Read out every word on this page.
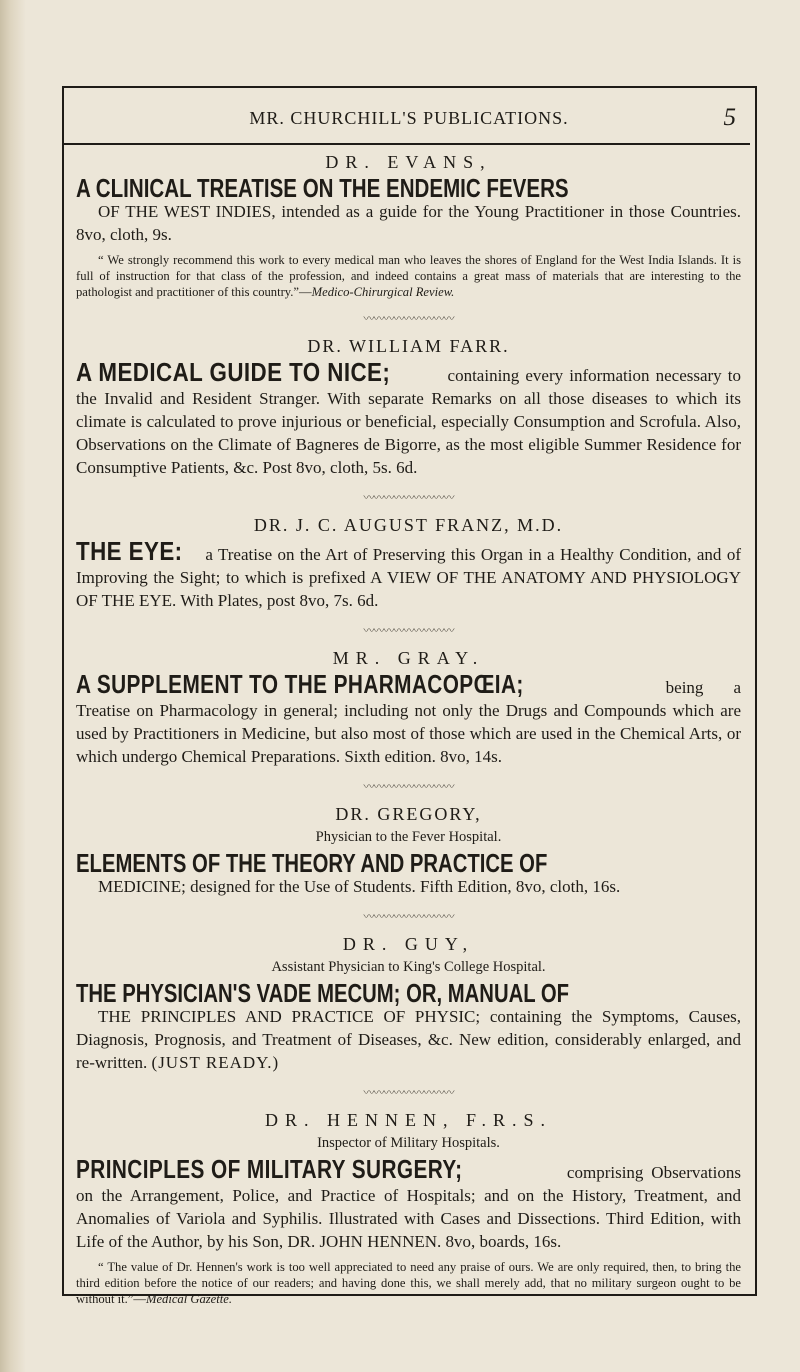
MR. CHURCHILL'S PUBLICATIONS.	5
DR. EVANS,

A CLINICAL TREATISE ON THE ENDEMIC FEVERS
OF THE WEST INDIES, intended as a guide for the Young Practitioner in those Countries. 8vo, cloth, 9s.

“ We strongly recommend this work to every medical man who leaves the shores of England for the West India Islands. It is full of instruction for that class of the profession, and indeed contains a great mass of materials that are interesting to the pathologist and practitioner of this country.”—Medico-Chirurgical Review.

〰〰〰〰〰〰〰〰〰
DR. WILLIAM FARR.

A MEDICAL GUIDE TO NICE;	containing every information necessary to the Invalid and Resident Stranger. With separate Remarks on all those diseases to which its climate is calculated to prove injurious or beneficial, especially Consumption and Scrofula. Also, Observations on the Climate of Bagneres de Bigorre, as the most eligible Summer Residence for Consumptive Patients, &c. Post 8vo, cloth, 5s. 6d.

〰〰〰〰〰〰〰〰〰
DR. J. C. AUGUST FRANZ, M.D.

THE EYE: a Treatise on the Art of Preserving this Organ in a Healthy Condition, and of Improving the Sight; to which is prefixed A VIEW OF THE ANATOMY AND PHYSIOLOGY OF THE EYE. With Plates, post 8vo, 7s. 6d.

〰〰〰〰〰〰〰〰〰
MR. GRAY.

A SUPPLEMENT TO THE PHARMACOPŒIA;	being a Treatise on Pharmacology in general; including not only the Drugs and Compounds which are used by Practitioners in Medicine, but also most of those which are used in the Chemical Arts, or which undergo Chemical Preparations. Sixth edition. 8vo, 14s.

〰〰〰〰〰〰〰〰〰
DR. GREGORY,
Physician to the Fever Hospital.

ELEMENTS OF THE THEORY AND PRACTICE OF
MEDICINE; designed for the Use of Students. Fifth Edition, 8vo, cloth, 16s.

〰〰〰〰〰〰〰〰〰
DR. GUY,
Assistant Physician to King's College Hospital.

THE PHYSICIAN'S VADE MECUM; OR, MANUAL OF
THE PRINCIPLES AND PRACTICE OF PHYSIC; containing the Symptoms, Causes, Diagnosis, Prognosis, and Treatment of Diseases, &c. New edition, considerably enlarged, and re-written. (JUST READY.)

〰〰〰〰〰〰〰〰〰
DR. HENNEN, F.R.S.
Inspector of Military Hospitals.

PRINCIPLES OF MILITARY SURGERY;	comprising Observations on the Arrangement, Police, and Practice of Hospitals; and on the History, Treatment, and Anomalies of Variola and Syphilis. Illustrated with Cases and Dissections. Third Edition, with Life of the Author, by his Son, DR. JOHN HENNEN. 8vo, boards, 16s.

“ The value of Dr. Hennen's work is too well appreciated to need any praise of ours. We are only required, then, to bring the third edition before the notice of our readers; and having done this, we shall merely add, that no military surgeon ought to be without it.”—Medical Gazette.
